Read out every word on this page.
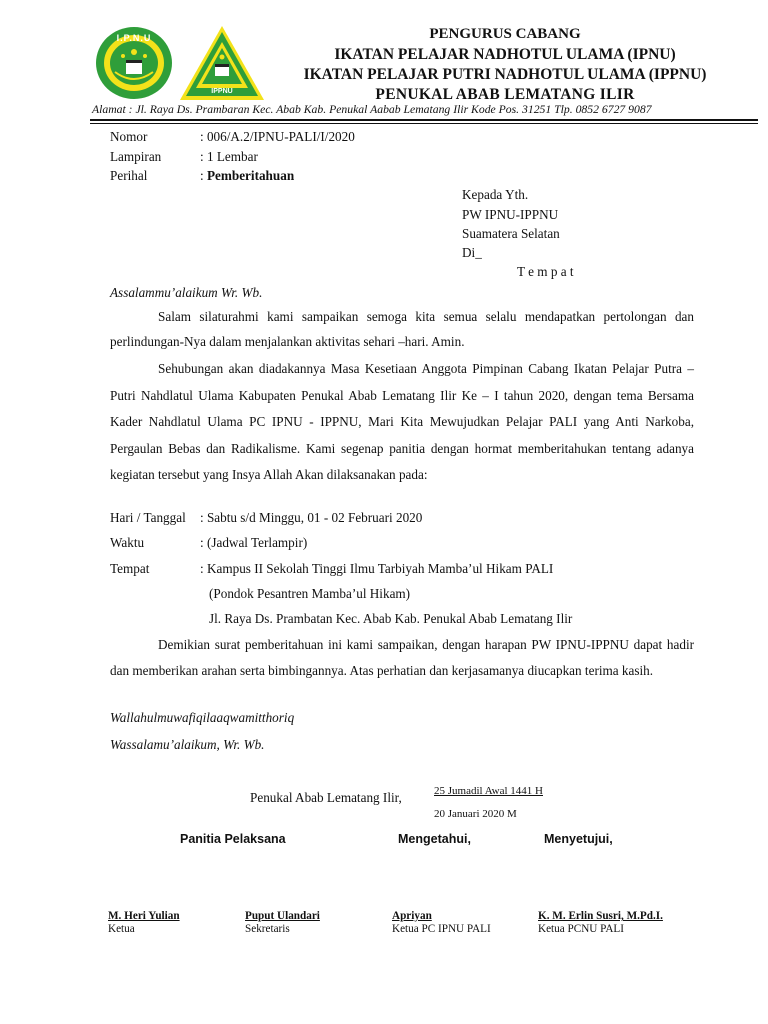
I.P.N.U
IPPNU
PENGURUS CABANG
IKATAN PELAJAR NADHOTUL ULAMA (IPNU)
IKATAN PELAJAR PUTRI NADHOTUL ULAMA (IPPNU)
PENUKAL ABAB LEMATANG ILIR
Alamat : Jl. Raya Ds. Prambaran Kec. Abab Kab. Penukal Aabab Lematang Ilir Kode Pos. 31251 Tlp. 0852 6727 9087
Nomor	: 006/A.2/IPNU-PALI/I/2020
Lampiran	: 1 Lembar
Perihal	: Pemberitahuan
Kepada Yth.
PW IPNU-IPPNU
Suamatera Selatan
Di_
T e m p a t
Assalammu’alaikum Wr. Wb.

Salam silaturahmi kami sampaikan semoga kita semua selalu mendapatkan pertolongan dan perlindungan-Nya dalam menjalankan aktivitas sehari –hari. Amin.

Sehubungan akan diadakannya Masa Kesetiaan Anggota Pimpinan Cabang Ikatan Pelajar Putra – Putri Nahdlatul Ulama Kabupaten Penukal Abab Lematang Ilir Ke – I tahun 2020, dengan tema Bersama Kader Nahdlatul Ulama PC IPNU - IPPNU, Mari Kita Mewujudkan Pelajar PALI yang Anti Narkoba, Pergaulan Bebas dan Radikalisme. Kami segenap panitia dengan hormat memberitahukan tentang adanya kegiatan tersebut yang Insya Allah Akan dilaksanakan pada:

Hari / Tanggal : Sabtu s/d Minggu, 01 - 02 Februari 2020
Waktu	: (Jadwal Terlampir)
Tempat	: Kampus II Sekolah Tinggi Ilmu Tarbiyah Mamba’ul Hikam PALI
(Pondok Pesantren Mamba’ul Hikam)
Jl. Raya Ds. Prambatan Kec. Abab Kab. Penukal Abab Lematang Ilir

Demikian surat pemberitahuan ini kami sampaikan, dengan harapan PW IPNU-IPPNU dapat hadir dan memberikan arahan serta bimbingannya. Atas perhatian dan kerjasamanya diucapkan terima kasih.

Wallahulmuwafiqilaaqwamitthoriq
Wassalamu’alaikum, Wr. Wb.
Penukal Abab Lematang Ilir,	25 Jumadil Awal 1441 H
20 Januari 2020 M
Panitia Pelaksana	Mengetahui,	Menyetujui,
M. Heri Yulian
Ketua
Puput Ulandari
Sekretaris
Apriyan
Ketua PC IPNU PALI
K. M. Erlin Susri, M.Pd.I.
Ketua PCNU PALI
